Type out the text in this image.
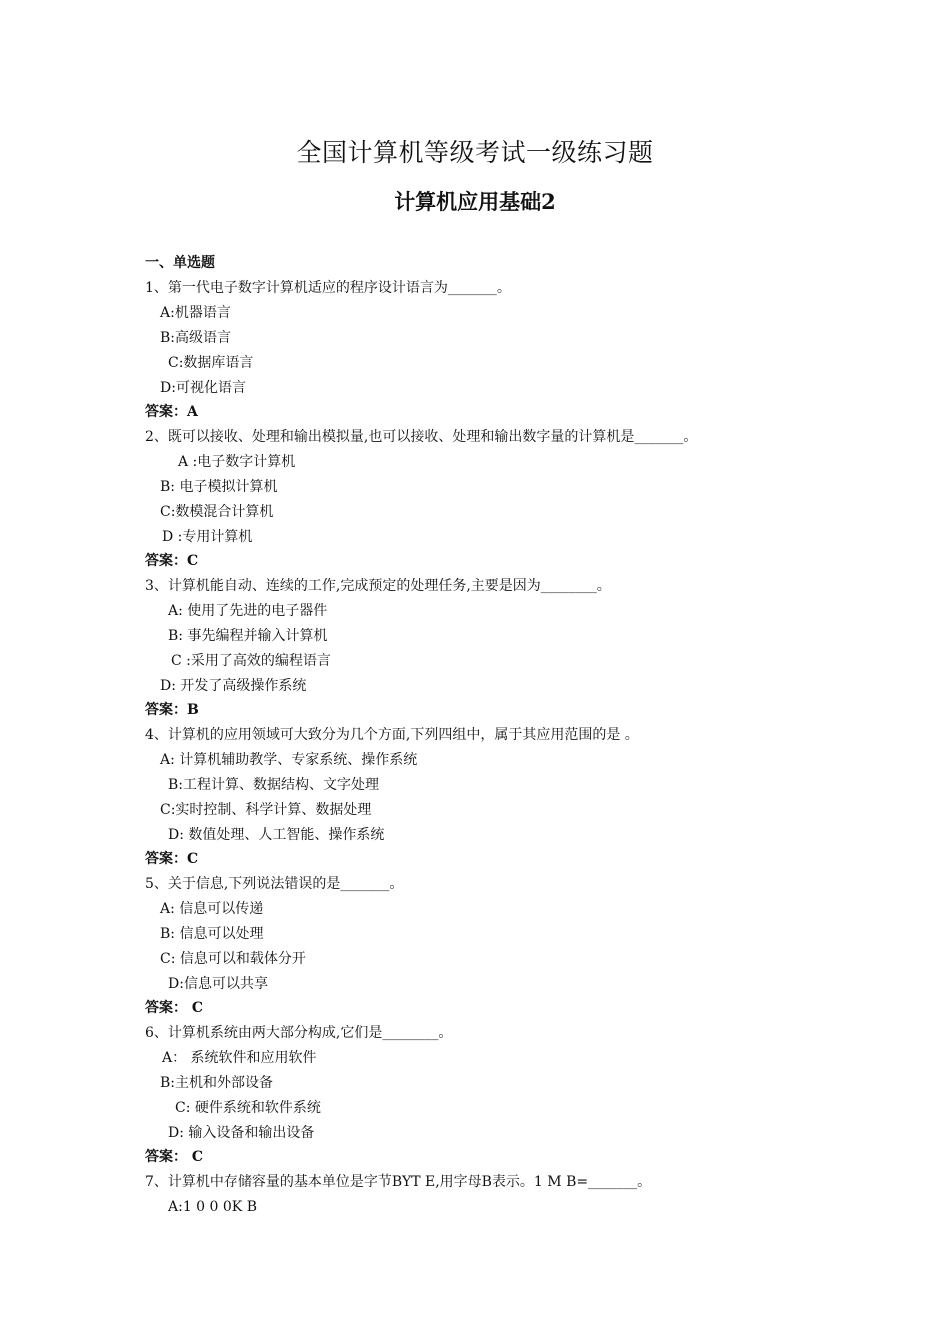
全国计算机等级考试一级练习题
计算机应用基础2
一、单选题
1、第一代电子数字计算机适应的程序设计语言为_______。
A:机器语言
B:高级语言
C:数据库语言
D:可视化语言
答案：A
2、既可以接收、处理和输出模拟量,也可以接收、处理和输出数字量的计算机是_______。
A :电子数字计算机
B: 电子模拟计算机
C:数模混合计算机
D :专用计算机
答案：C
3、计算机能自动、连续的工作,完成预定的处理任务,主要是因为________。
A: 使用了先进的电子器件
B: 事先编程并输入计算机
C :采用了高效的编程语言
D: 开发了高级操作系统
答案：B
4、计算机的应用领域可大致分为几个方面,下列四组中，属于其应用范围的是 。
A: 计算机辅助教学、专家系统、操作系统
B:工程计算、数据结构、文字处理
C:实时控制、科学计算、数据处理
D: 数值处理、人工智能、操作系统
答案：C
5、关于信息,下列说法错误的是_______。
A: 信息可以传递
B: 信息可以处理
C: 信息可以和载体分开
D:信息可以共享
答案： C
6、计算机系统由两大部分构成,它们是________。
A： 系统软件和应用软件
B:主机和外部设备
C: 硬件系统和软件系统
D: 输入设备和输出设备
答案： C
7、计算机中存储容量的基本单位是字节BYT E,用字母B表示。1 M B=_______。
A:1 0 0 0K B
